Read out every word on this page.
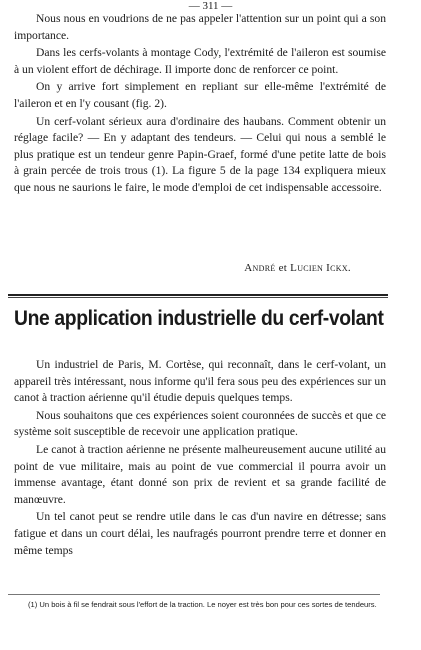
— 311 —

Nous nous en voudrions de ne pas appeler l'attention sur un point qui a son importance.

Dans les cerfs-volants à montage Cody, l'extrémité de l'aileron est soumise à un violent effort de déchirage. Il importe donc de renforcer ce point.

On y arrive fort simplement en repliant sur elle-même l'extrémité de l'aileron et en l'y cousant (fig. 2).

Un cerf-volant sérieux aura d'ordinaire des haubans. Comment obtenir un réglage facile? — En y adaptant des tendeurs. — Celui qui nous a semblé le plus pratique est un tendeur genre Papin-Graef, formé d'une petite latte de bois à grain percée de trois trous (1). La figure 5 de la page 134 expliquera mieux que nous ne saurions le faire, le mode d'emploi de cet indispensable accessoire.

André et Lucien Ickx.
Une application industrielle du cerf-volant

Un industriel de Paris, M. Cortèse, qui reconnaît, dans le cerf-volant, un appareil très intéressant, nous informe qu'il fera sous peu des expériences sur un canot à traction aérienne qu'il étudie depuis quelques temps.

Nous souhaitons que ces expériences soient couronnées de succès et que ce système soit susceptible de recevoir une application pratique.

Le canot à traction aérienne ne présente malheureusement aucune utilité au point de vue militaire, mais au point de vue commercial il pourra avoir un immense avantage, étant donné son prix de revient et sa grande facilité de manœuvre.

Un tel canot peut se rendre utile dans le cas d'un navire en détresse; sans fatigue et dans un court délai, les naufragés pourront prendre terre et donner en même temps

(1) Un bois à fil se fendrait sous l'effort de la traction. Le noyer est très bon pour ces sortes de tendeurs.
